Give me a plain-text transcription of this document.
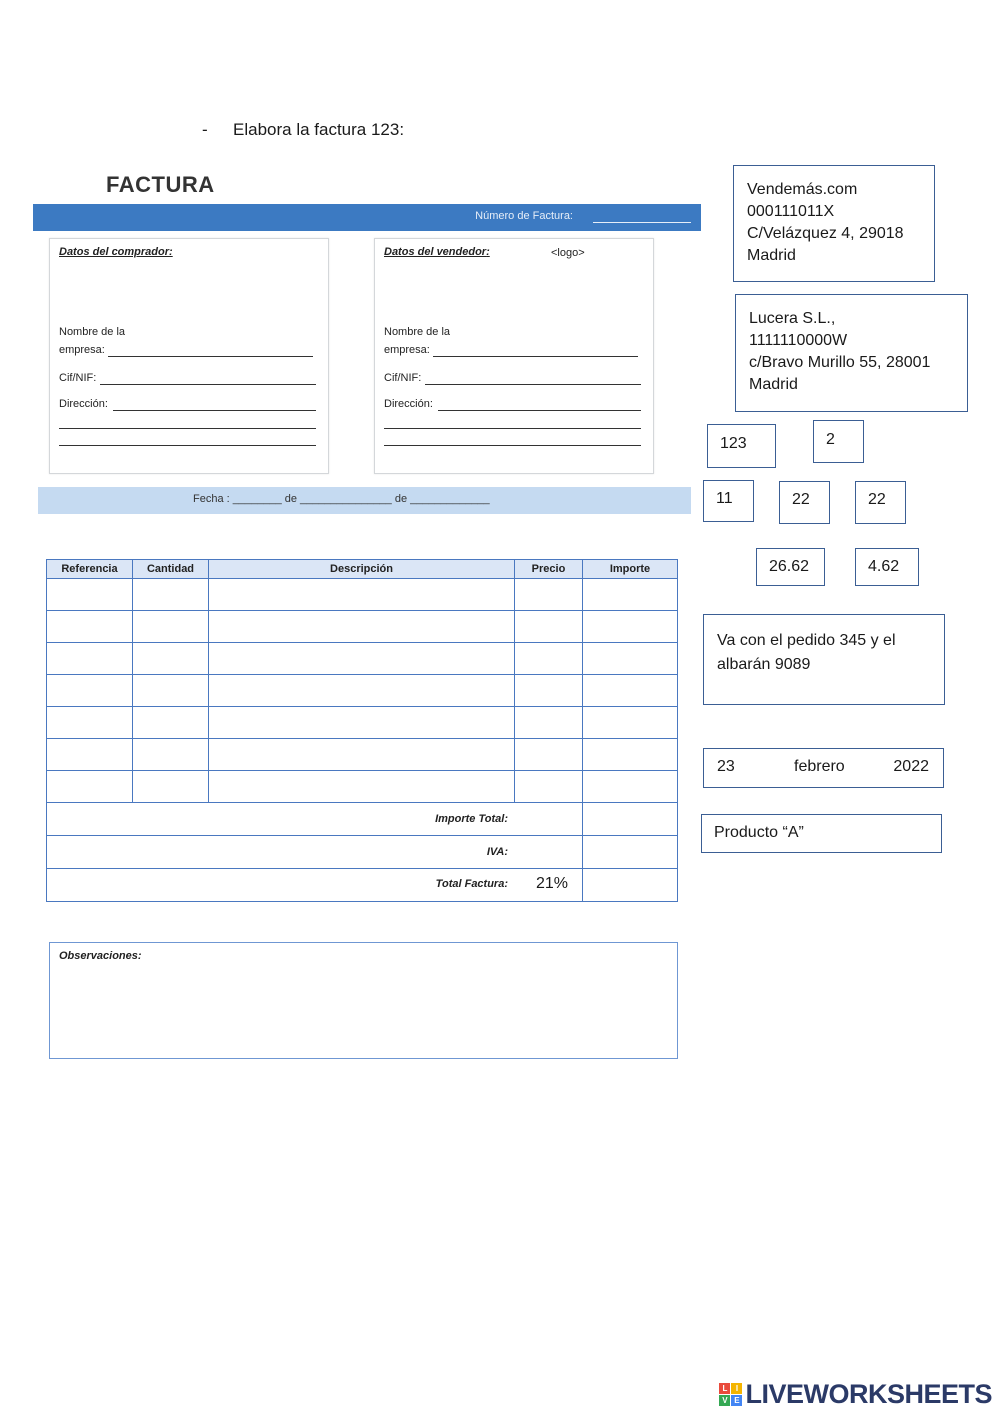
- Elabora la factura 123:
FACTURA
Número de Factura:
Datos del comprador:
Nombre de la
empresa:
Cif/NIF:
Dirección:
Datos del vendedor:	<logo>
Nombre de la
empresa:
Cif/NIF:
Dirección:
Fecha : ________ de _______________ de _____________
Referencia	Cantidad	Descripción	Precio	Importe

Importe Total:				
IVA:				

Total Factura: 21%				

Observaciones:
Vendemás.com
000111011X
C/Velázquez 4, 29018
Madrid
Lucera S.L.,
1111110000W
c/Bravo Murillo 55, 28001
Madrid
123	2
11	22	22
26.62	4.62
Va con el pedido 345 y el
albarán 9089
23	febrero	2022
Producto “A”
L	I
V E LIVEWORKSHEETS
